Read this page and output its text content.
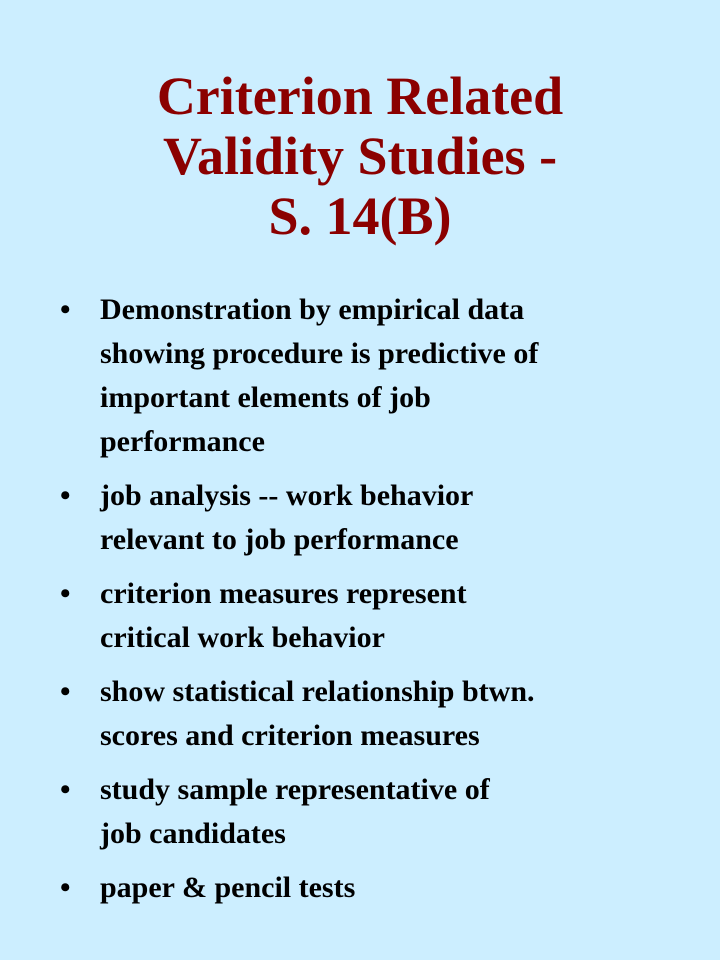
Criterion Related
Validity Studies -
S. 14(B)
• Demonstration by empirical data
showing procedure is predictive of
important elements of job
performance
• job analysis -- work behavior
relevant to job performance
• criterion measures represent
critical work behavior
• show statistical relationship btwn.
scores and criterion measures
• study sample representative of
job candidates
• paper & pencil tests
